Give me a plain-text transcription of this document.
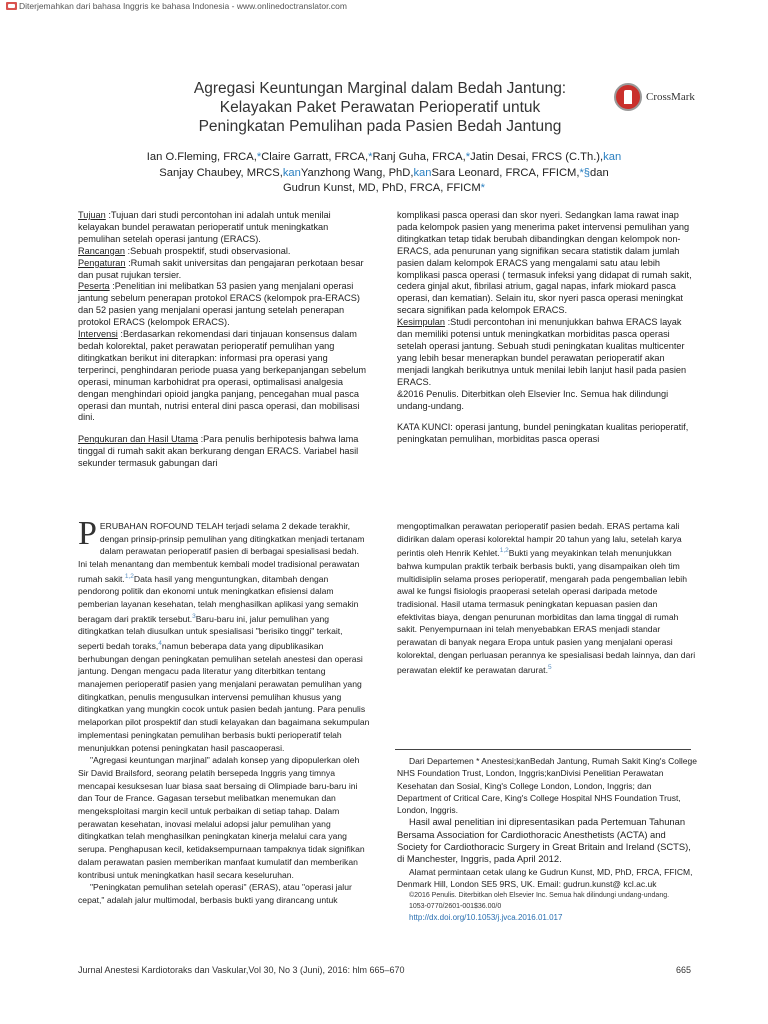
Diterjemahkan dari bahasa Inggris ke bahasa Indonesia - www.onlinedoctranslator.com
Agregasi Keuntungan Marginal dalam Bedah Jantung:
Kelayakan Paket Perawatan Perioperatif untuk
Peningkatan Pemulihan pada Pasien Bedah Jantung
CrossMark
Ian O.Fleming, FRCA,*Claire Garratt, FRCA,*Ranj Guha, FRCA,*Jatin Desai, FRCS (C.Th.),kan
Sanjay Chaubey, MRCS,kanYanzhong Wang, PhD,kanSara Leonard, FRCA, FFICM,*§dan
Gudrun Kunst, MD, PhD, FRCA, FFICM*

Tujuan :Tujuan dari studi percontohan ini adalah untuk menilai kelayakan bundel perawatan perioperatif untuk meningkatkan pemulihan setelah operasi jantung (ERACS).

Rancangan :Sebuah prospektif, studi observasional.

Pengaturan :Rumah sakit universitas dan pengajaran perkotaan besar dan pusat rujukan tersier.

Peserta :Penelitian ini melibatkan 53 pasien yang menjalani operasi jantung sebelum penerapan protokol ERACS (kelompok pra-ERACS) dan 52 pasien yang menjalani operasi jantung setelah penerapan protokol ERACS (kelompok ERACS).

Intervensi :Berdasarkan rekomendasi dari tinjauan konsensus dalam bedah kolorektal, paket perawatan perioperatif pemulihan yang ditingkatkan berikut ini diterapkan: informasi pra operasi yang terperinci, penghindaran periode puasa yang berkepanjangan sebelum operasi, minuman karbohidrat pra operasi, optimalisasi analgesia dengan menghindari opioid jangka panjang, pencegahan mual pasca operasi dan muntah, nutrisi enteral dini pasca operasi, dan mobilisasi dini.

Pengukuran dan Hasil Utama :Para penulis berhipotesis bahwa lama tinggal di rumah sakit akan berkurang dengan ERACS. Variabel hasil sekunder termasuk gabungan dari

komplikasi pasca operasi dan skor nyeri. Sedangkan lama rawat inap pada kelompok pasien yang menerima paket intervensi pemulihan yang ditingkatkan tetap tidak berubah dibandingkan dengan kelompok non-ERACS, ada penurunan yang signifikan secara statistik dalam jumlah pasien dalam kelompok ERACS yang mengalami satu atau lebih komplikasi pasca operasi ( termasuk infeksi yang didapat di rumah sakit, cedera ginjal akut, fibrilasi atrium, gagal napas, infark miokard pasca operasi, dan kematian). Selain itu, skor nyeri pasca operasi meningkat secara signifikan pada kelompok ERACS.

Kesimpulan :Studi percontohan ini menunjukkan bahwa ERACS layak dan memiliki potensi untuk meningkatkan morbiditas pasca operasi setelah operasi jantung. Sebuah studi peningkatan kualitas multicenter yang lebih besar menerapkan bundel perawatan perioperatif akan menjadi langkah berikutnya untuk menilai lebih lanjut hasil pada pasien ERACS.

&2016 Penulis. Diterbitkan oleh Elsevier Inc. Semua hak dilindungi undang-undang.

KATA KUNCI: operasi jantung, bundel peningkatan kualitas perioperatif, peningkatan pemulihan, morbiditas pasca operasi

PERUBAHAN ROFOUND TELAH terjadi selama 2 dekade terakhir, dengan prinsip-prinsip pemulihan yang ditingkatkan menjadi tertanam dalam perawatan perioperatif pasien di berbagai spesialisasi bedah. Ini telah menantang dan membentuk kembali model tradisional perawatan rumah sakit.$^{1,2}$Data hasil yang menguntungkan, ditambah dengan pendorong politik dan ekonomi untuk meningkatkan efisiensi dalam pemberian layanan kesehatan, telah menghasilkan aplikasi yang semakin beragam dari praktik tersebut.$^3$Baru-baru ini, jalur pemulihan yang ditingkatkan telah diusulkan untuk spesialisasi "berisiko tinggi" terkait, seperti bedah toraks,$^4$namun beberapa data yang dipublikasikan berhubungan dengan peningkatan pemulihan setelah anestesi dan operasi jantung. Dengan mengacu pada literatur yang diterbitkan tentang manajemen perioperatif pasien yang menjalani perawatan pemulihan yang ditingkatkan, penulis mengusulkan intervensi pemulihan khusus yang ditingkatkan yang mungkin cocok untuk pasien bedah jantung. Para penulis melaporkan pilot prospektif dan studi kelayakan dan bagaimana sekumpulan implementasi peningkatan pemulihan berbasis bukti perioperatif telah menunjukkan potensi peningkatan hasil pascaoperasi.

"Agregasi keuntungan marjinal" adalah konsep yang dipopulerkan oleh Sir David Brailsford, seorang pelatih bersepeda Inggris yang timnya mencapai kesuksesan luar biasa saat bersaing di Olimpiade baru-baru ini dan Tour de France. Gagasan tersebut melibatkan menemukan dan mengeksploitasi margin kecil untuk perbaikan di setiap tahap. Dalam perawatan kesehatan, inovasi melalui adopsi jalur pemulihan yang ditingkatkan telah menghasilkan peningkatan kinerja melalui cara yang serupa. Penghapusan kecil, ketidaksempurnaan tampaknya tidak signifikan dalam perawatan pasien memberikan manfaat kumulatif dan memberikan kontribusi untuk meningkatkan hasil secara keseluruhan.

"Peningkatan pemulihan setelah operasi" (ERAS), atau "operasi jalur cepat," adalah jalur multimodal, berbasis bukti yang dirancang untuk

mengoptimalkan perawatan perioperatif pasien bedah. ERAS pertama kali didirikan dalam operasi kolorektal hampir 20 tahun yang lalu, setelah karya perintis oleh Henrik Kehlet.$^{1,2}$Bukti yang meyakinkan telah menunjukkan bahwa kumpulan praktik terbaik berbasis bukti, yang disampaikan oleh tim multidisiplin selama proses perioperatif, mengarah pada pengembalian lebih awal ke fungsi fisiologis praoperasi setelah operasi daripada metode tradisional. Hasil utama termasuk peningkatan kepuasan pasien dan efektivitas biaya, dengan penurunan morbiditas dan lama tinggal di rumah sakit. Penyempurnaan ini telah menyebabkan ERAS menjadi standar perawatan di banyak negara Eropa untuk pasien yang menjalani operasi kolorektal, dengan perluasan perannya ke spesialisasi bedah lainnya, dan dari perawatan elektif ke perawatan darurat.$^5$

Dari Departemen * Anestesi;kanBedah Jantung, Rumah Sakit King's College NHS Foundation Trust, London, Inggris;kanDivisi Penelitian Perawatan Kesehatan dan Sosial, King's College London, London, Inggris; dan Department of Critical Care, King's College Hospital NHS Foundation Trust, London, Inggris.

Hasil awal penelitian ini dipresentasikan pada Pertemuan Tahunan Bersama Association for Cardiothoracic Anesthetists (ACTA) and Society for Cardiothoracic Surgery in Great Britain and Ireland (SCTS), di Manchester, Inggris, pada April 2012.

Alamat permintaan cetak ulang ke Gudrun Kunst, MD, PhD, FRCA, FFICM, Denmark Hill, London SE5 9RS, UK. Email: gudrun.kunst@ kcl.ac.uk

©2016 Penulis. Diterbitkan oleh Elsevier Inc. Semua hak dilindungi undang-undang.

1053-0770/2601-001$36.00/0

http://dx.doi.org/10.1053/j.jvca.2016.01.017

Jurnal Anestesi Kardiotoraks dan Vaskular,Vol 30, No 3 (Juni), 2016: hlm 665–670	665
